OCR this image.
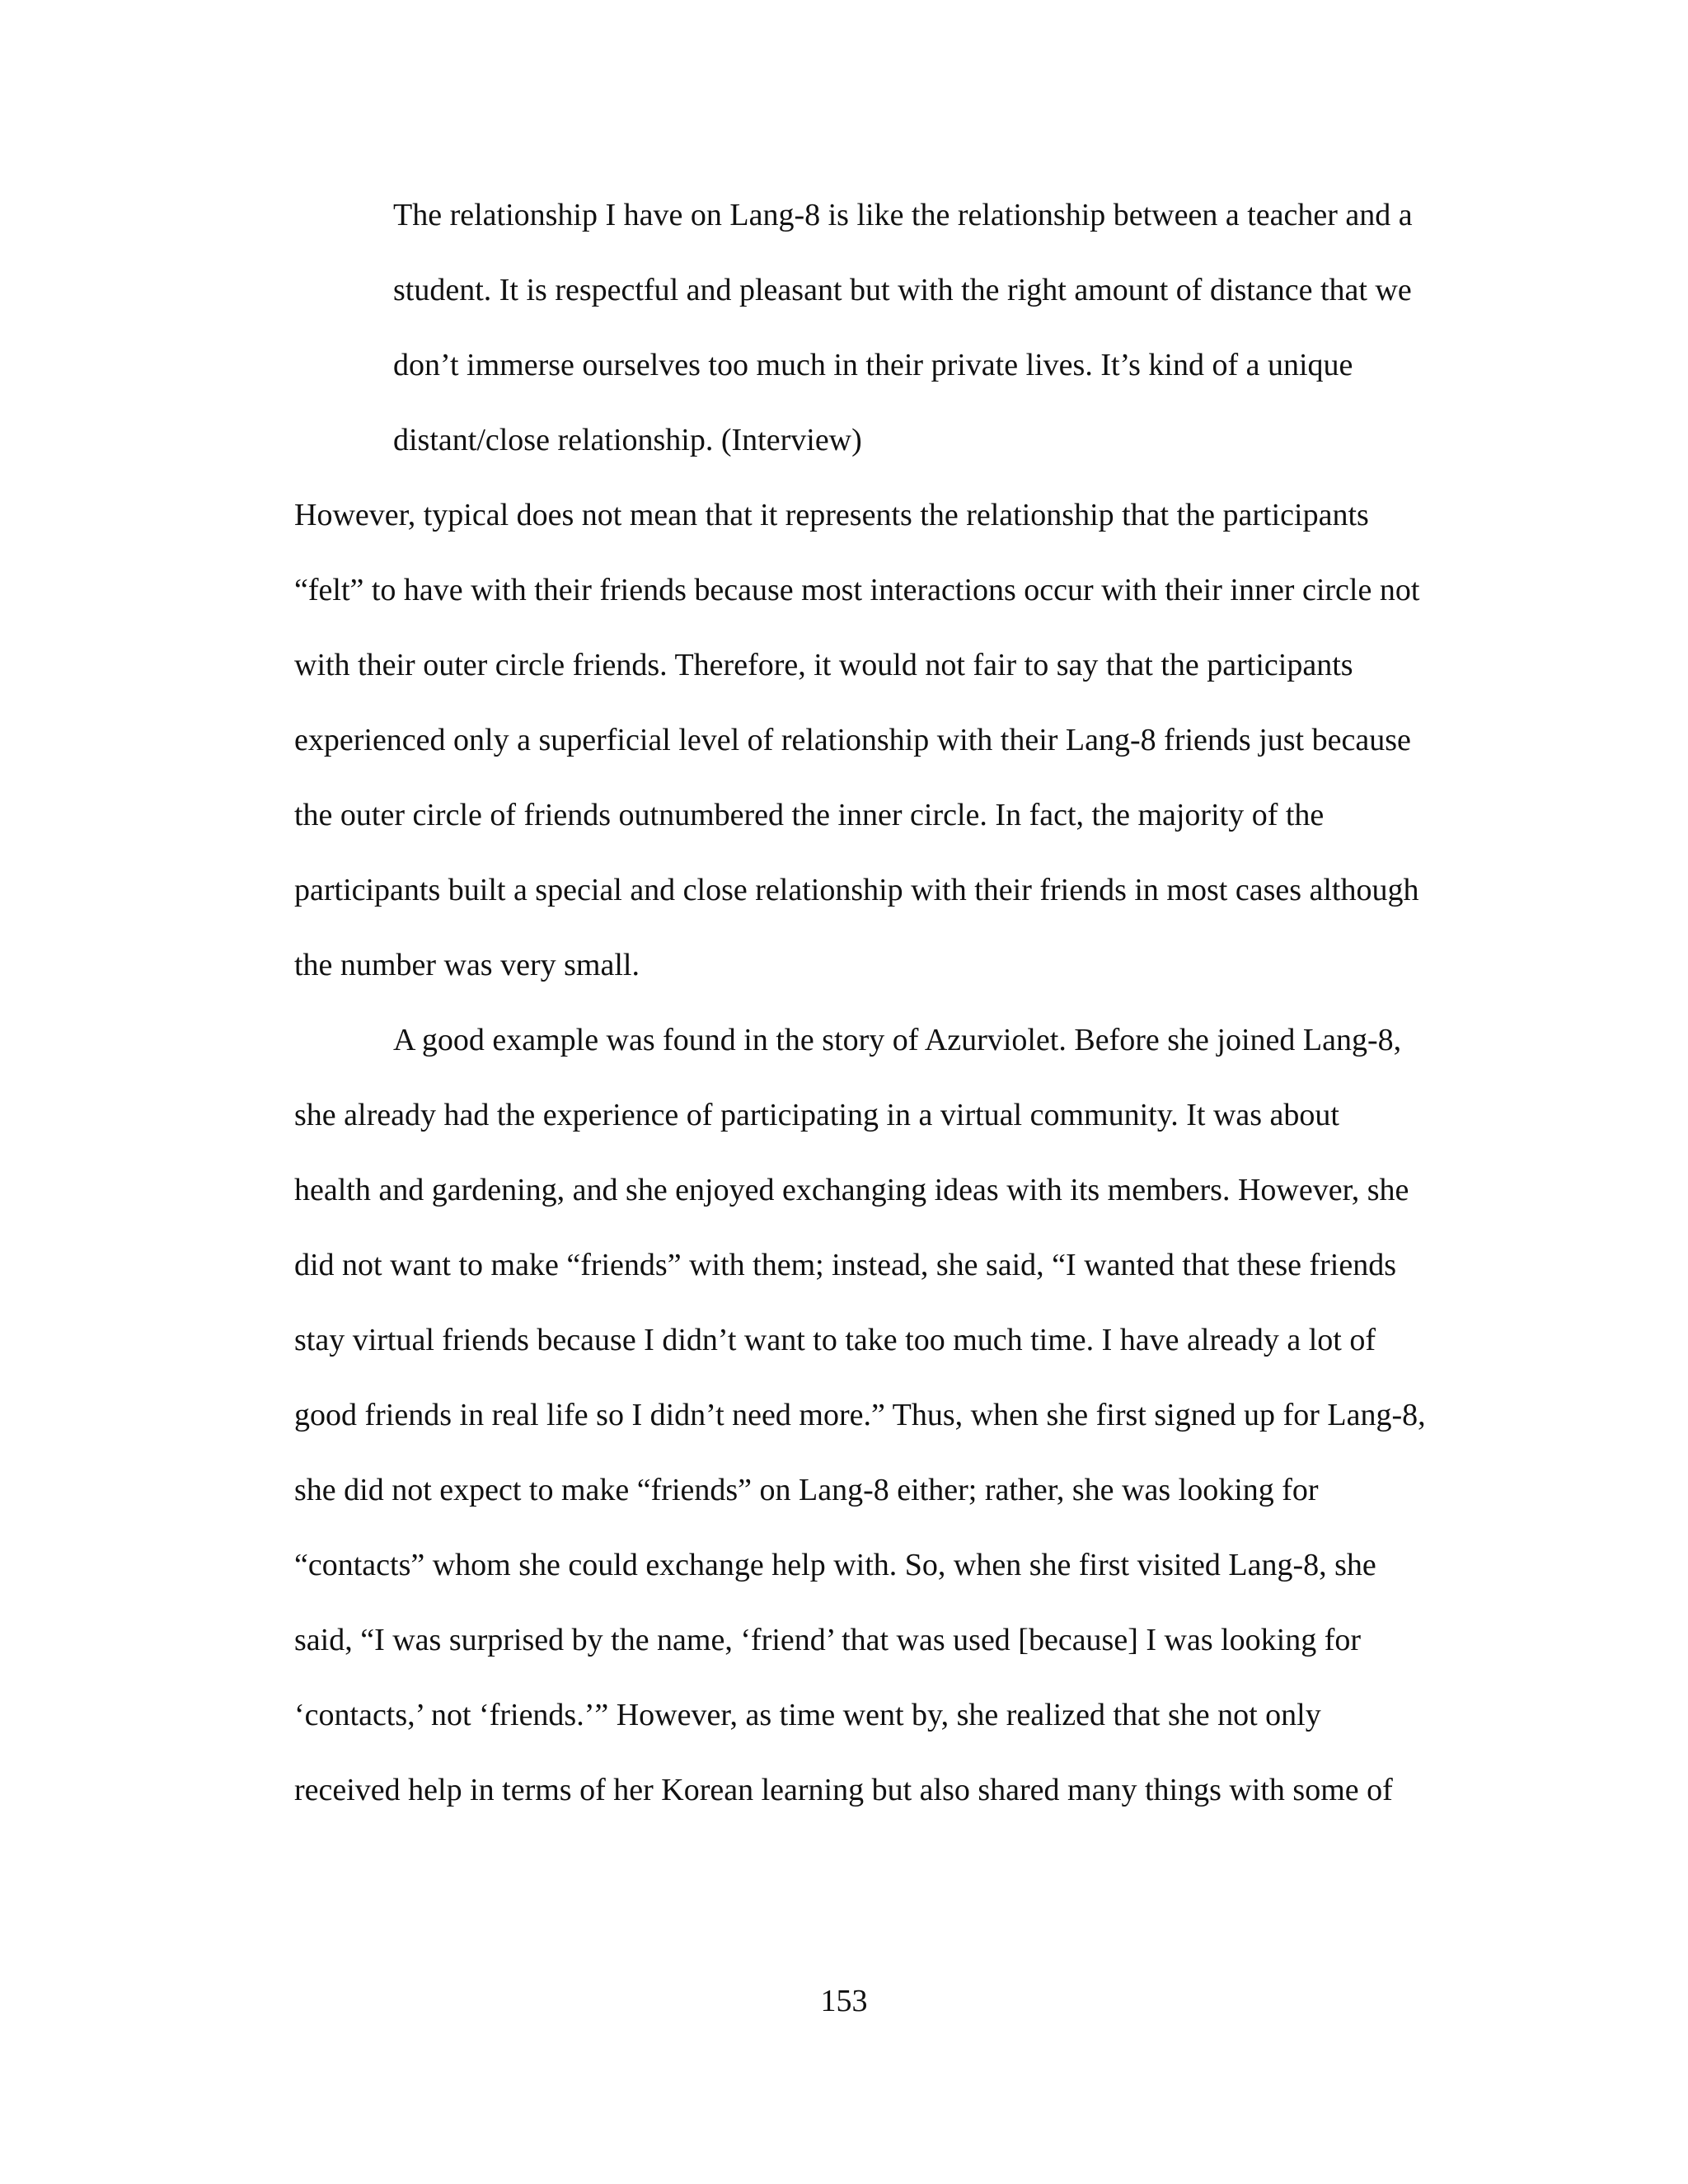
The relationship I have on Lang-8 is like the relationship between a teacher and a

student. It is respectful and pleasant but with the right amount of distance that we

don’t immerse ourselves too much in their private lives. It’s kind of a unique

distant/close relationship. (Interview)

However, typical does not mean that it represents the relationship that the participants

“felt” to have with their friends because most interactions occur with their inner circle not

with their outer circle friends. Therefore, it would not fair to say that the participants

experienced only a superficial level of relationship with their Lang-8 friends just because

the outer circle of friends outnumbered the inner circle. In fact, the majority of the

participants built a special and close relationship with their friends in most cases although

the number was very small.

A good example was found in the story of Azurviolet. Before she joined Lang-8,

she already had the experience of participating in a virtual community. It was about

health and gardening, and she enjoyed exchanging ideas with its members. However, she

did not want to make “friends” with them; instead, she said, “I wanted that these friends

stay virtual friends because I didn’t want to take too much time. I have already a lot of

good friends in real life so I didn’t need more.” Thus, when she first signed up for Lang-8,

she did not expect to make “friends” on Lang-8 either; rather, she was looking for

“contacts” whom she could exchange help with. So, when she first visited Lang-8, she

said, “I was surprised by the name, ‘friend’ that was used [because] I was looking for

‘contacts,’ not ‘friends.’” However, as time went by, she realized that she not only

received help in terms of her Korean learning but also shared many things with some of

153
